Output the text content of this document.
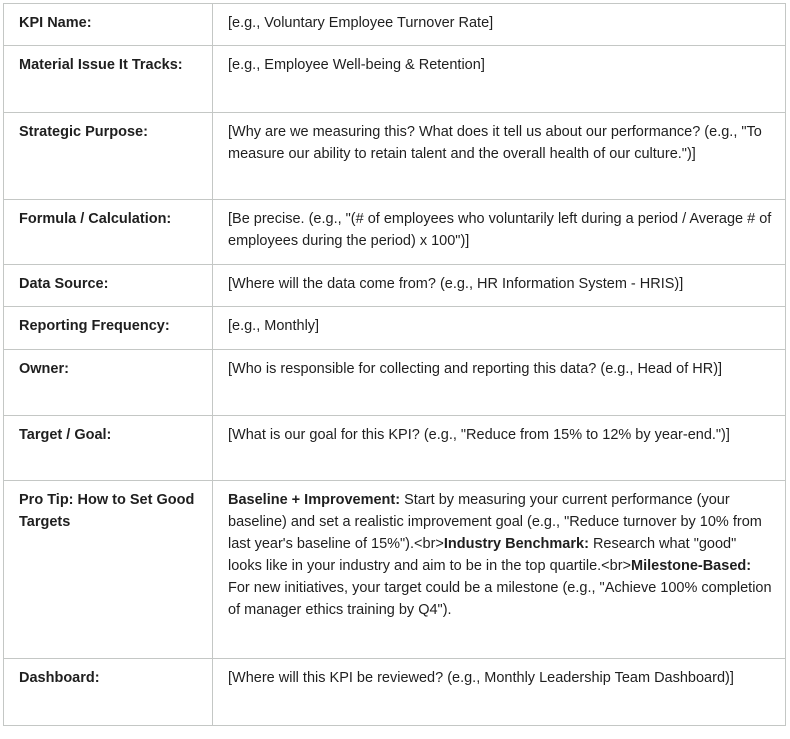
KPI Name:	[e.g., Voluntary Employee Turnover Rate]
Material Issue It Tracks:	[e.g., Employee Well-being & Retention]
Strategic Purpose:	[Why are we measuring this? What does it tell us about our performance? (e.g., "To measure our ability to retain talent and the overall health of our culture.")]
Formula / Calculation:	[Be precise. (e.g., "(# of employees who voluntarily left during a period / Average # of employees during the period) x 100")]
Data Source:	[Where will the data come from? (e.g., HR Information System - HRIS)]
Reporting Frequency:	[e.g., Monthly]
Owner:	[Who is responsible for collecting and reporting this data? (e.g., Head of HR)]
Target / Goal:	[What is our goal for this KPI? (e.g., "Reduce from 15% to 12% by year-end.")]
Pro Tip: How to Set Good Targets	Baseline + Improvement: Start by measuring your current performance (your baseline) and set a realistic improvement goal (e.g., "Reduce turnover by 10% from last year's baseline of 15%").<br>Industry Benchmark: Research what "good" looks like in your industry and aim to be in the top quartile.<br>Milestone-Based: For new initiatives, your target could be a milestone (e.g., "Achieve 100% completion of manager ethics training by Q4").
Dashboard:	[Where will this KPI be reviewed? (e.g., Monthly Leadership Team Dashboard)]
